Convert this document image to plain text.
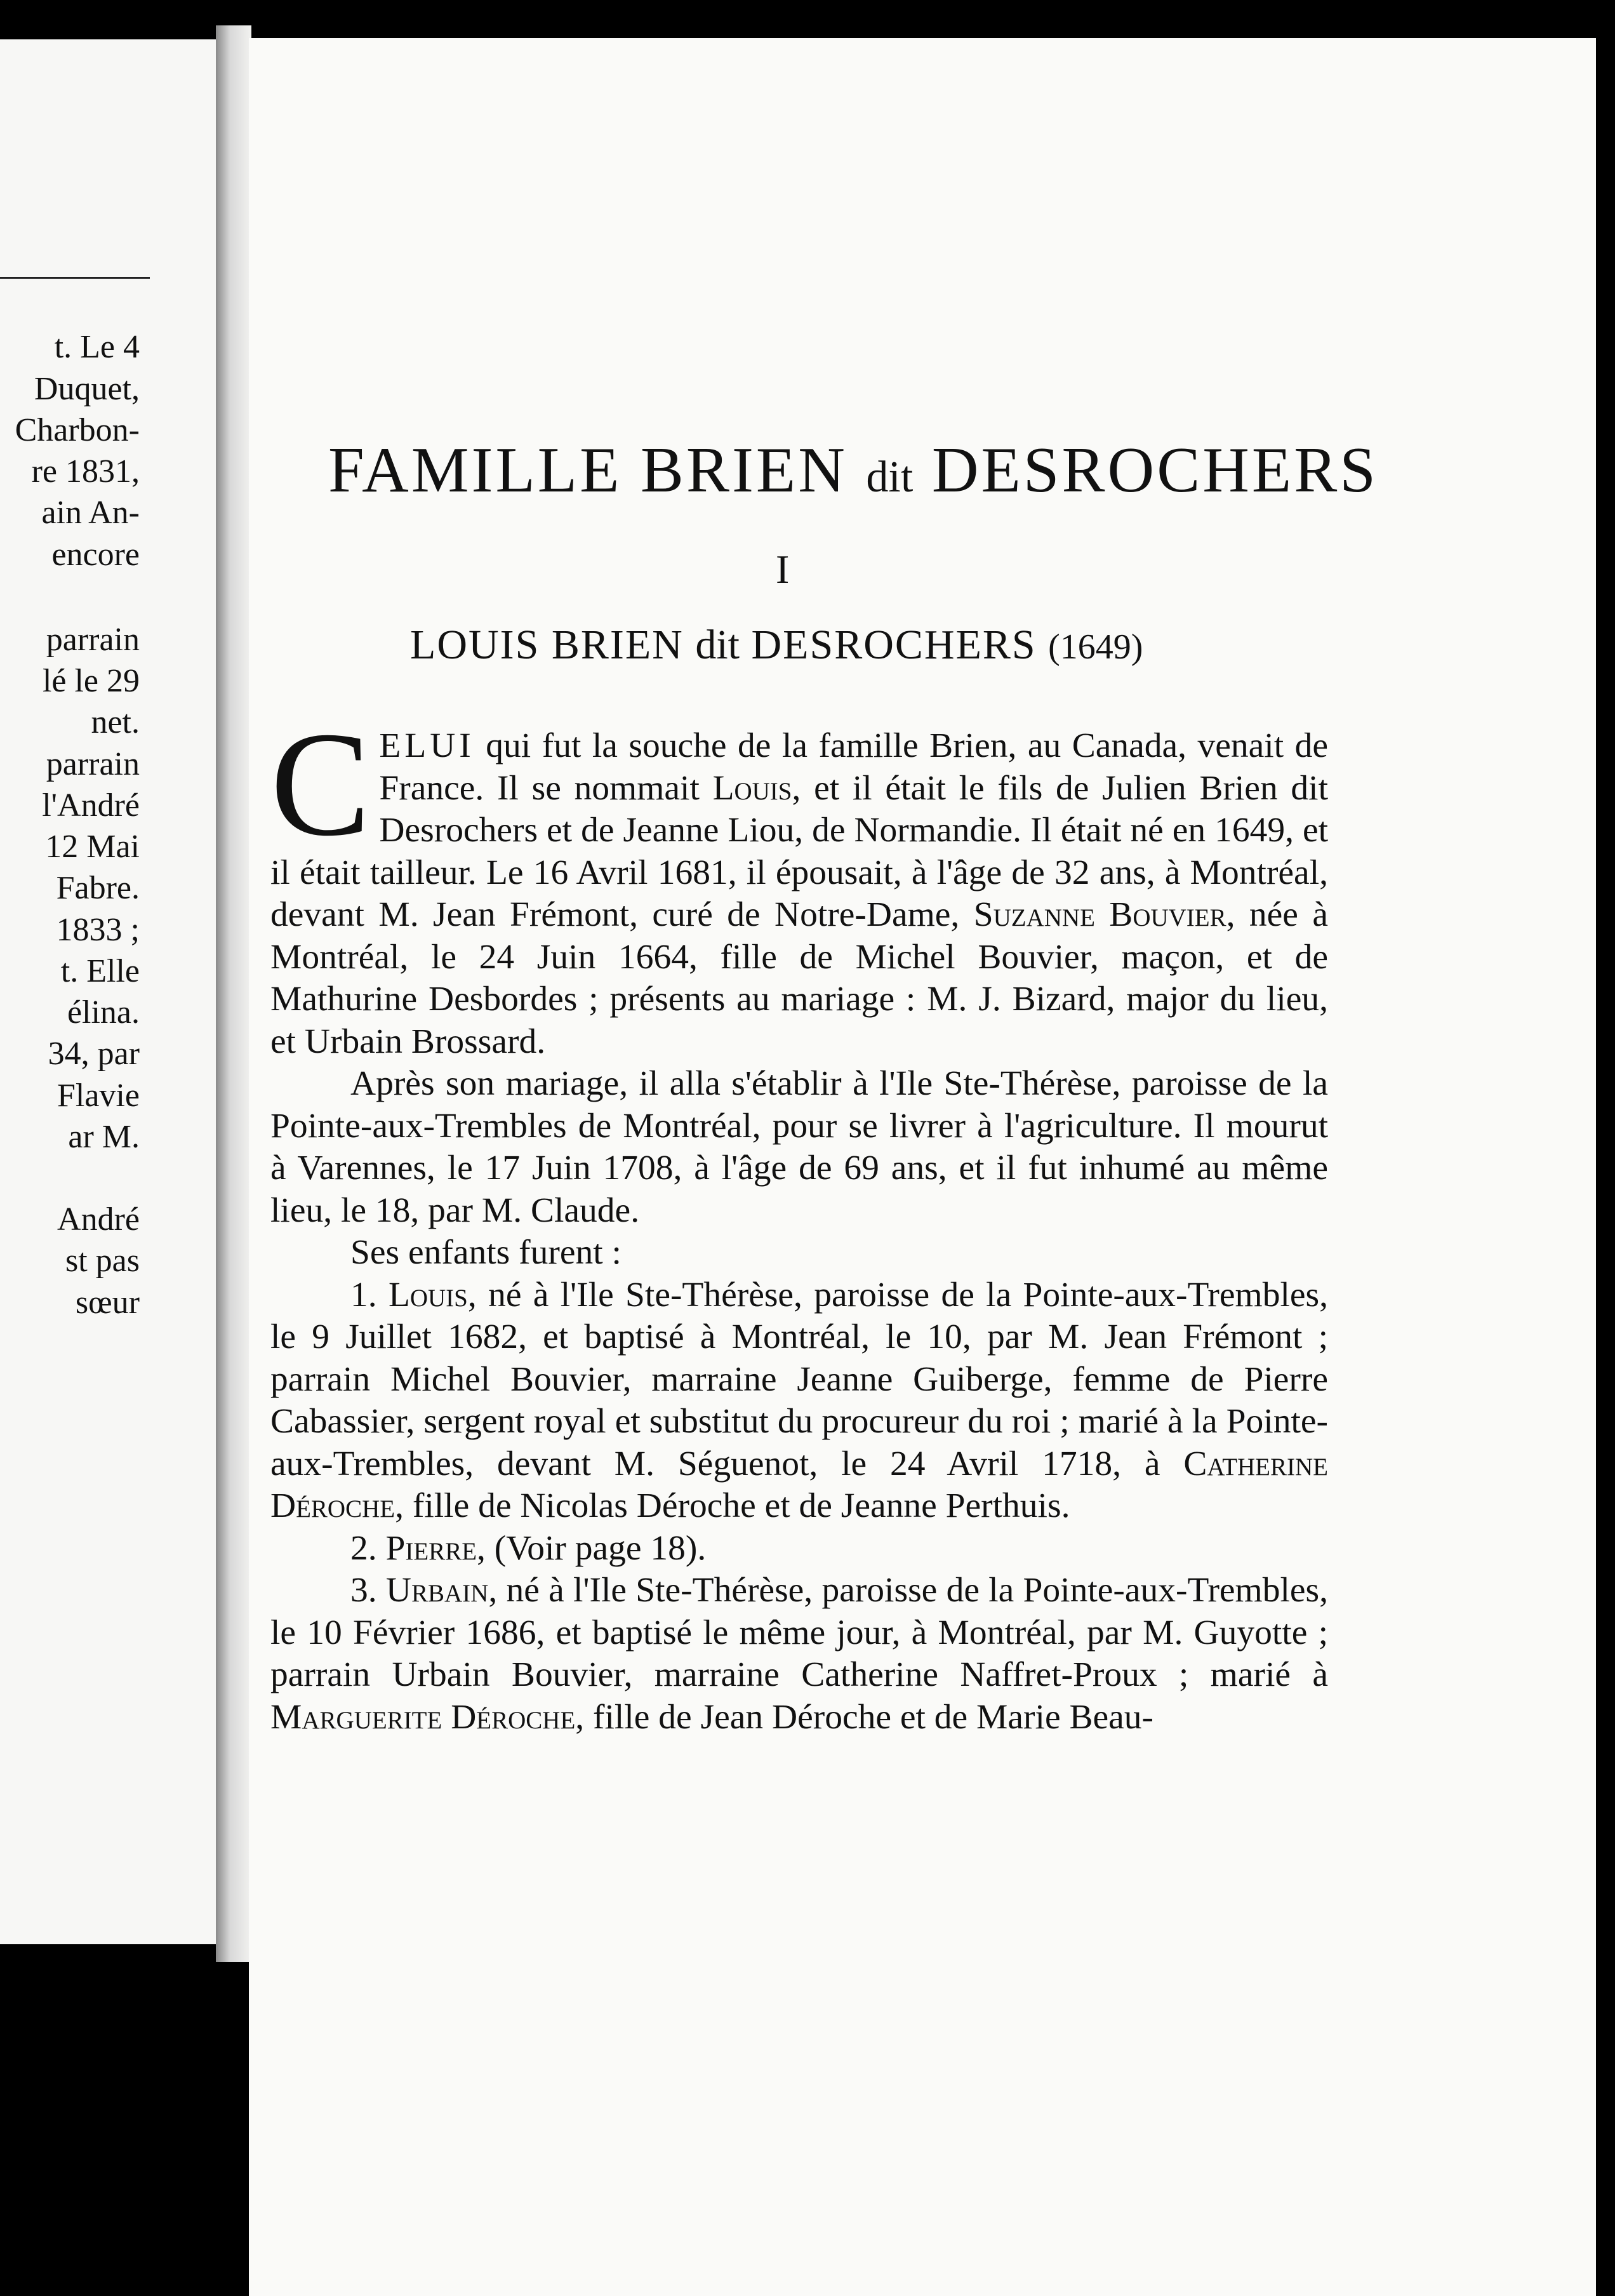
t. Le 4
Duquet,
Charbon-
re 1831,
ain An-
encore
parrain
lé le 29
net.
parrain
l'André
12 Mai
Fabre.
1833 ;
t. Elle
élina.
34, par
Flavie
ar M.
André
st pas
sœur
FAMILLE BRIEN dit DESROCHERS
I
LOUIS BRIEN dit DESROCHERS (1649)

CELUI qui fut la souche de la famille Brien, au Canada, venait de France. Il se nommait Louis, et il était le fils de Julien Brien dit Desrochers et de Jeanne Liou, de Normandie. Il était né en 1649, et il était tailleur. Le 16 Avril 1681, il épousait, à l'âge de 32 ans, à Montréal, devant M. Jean Frémont, curé de Notre-Dame, Suzanne Bouvier, née à Montréal, le 24 Juin 1664, fille de Michel Bouvier, maçon, et de Mathurine Desbordes ; présents au mariage : M. J. Bizard, major du lieu, et Urbain Brossard.

Après son mariage, il alla s'établir à l'Ile Ste-Thérèse, paroisse de la Pointe-aux-Trembles de Montréal, pour se livrer à l'agriculture. Il mourut à Varennes, le 17 Juin 1708, à l'âge de 69 ans, et il fut inhumé au même lieu, le 18, par M. Claude.

Ses enfants furent :

1. Louis, né à l'Ile Ste-Thérèse, paroisse de la Pointe-aux-Trembles, le 9 Juillet 1682, et baptisé à Montréal, le 10, par M. Jean Frémont ; parrain Michel Bouvier, marraine Jeanne Guiberge, femme de Pierre Cabassier, sergent royal et substitut du procureur du roi ; marié à la Pointe-aux-Trembles, devant M. Séguenot, le 24 Avril 1718, à Catherine Déroche, fille de Nicolas Déroche et de Jeanne Perthuis.

2. Pierre, (Voir page 18).

3. Urbain, né à l'Ile Ste-Thérèse, paroisse de la Pointe-aux-Trembles, le 10 Février 1686, et baptisé le même jour, à Montréal, par M. Guyotte ; parrain Urbain Bouvier, marraine Catherine Naffret-Proux ; marié à Marguerite Déroche, fille de Jean Déroche et de Marie Beau-
